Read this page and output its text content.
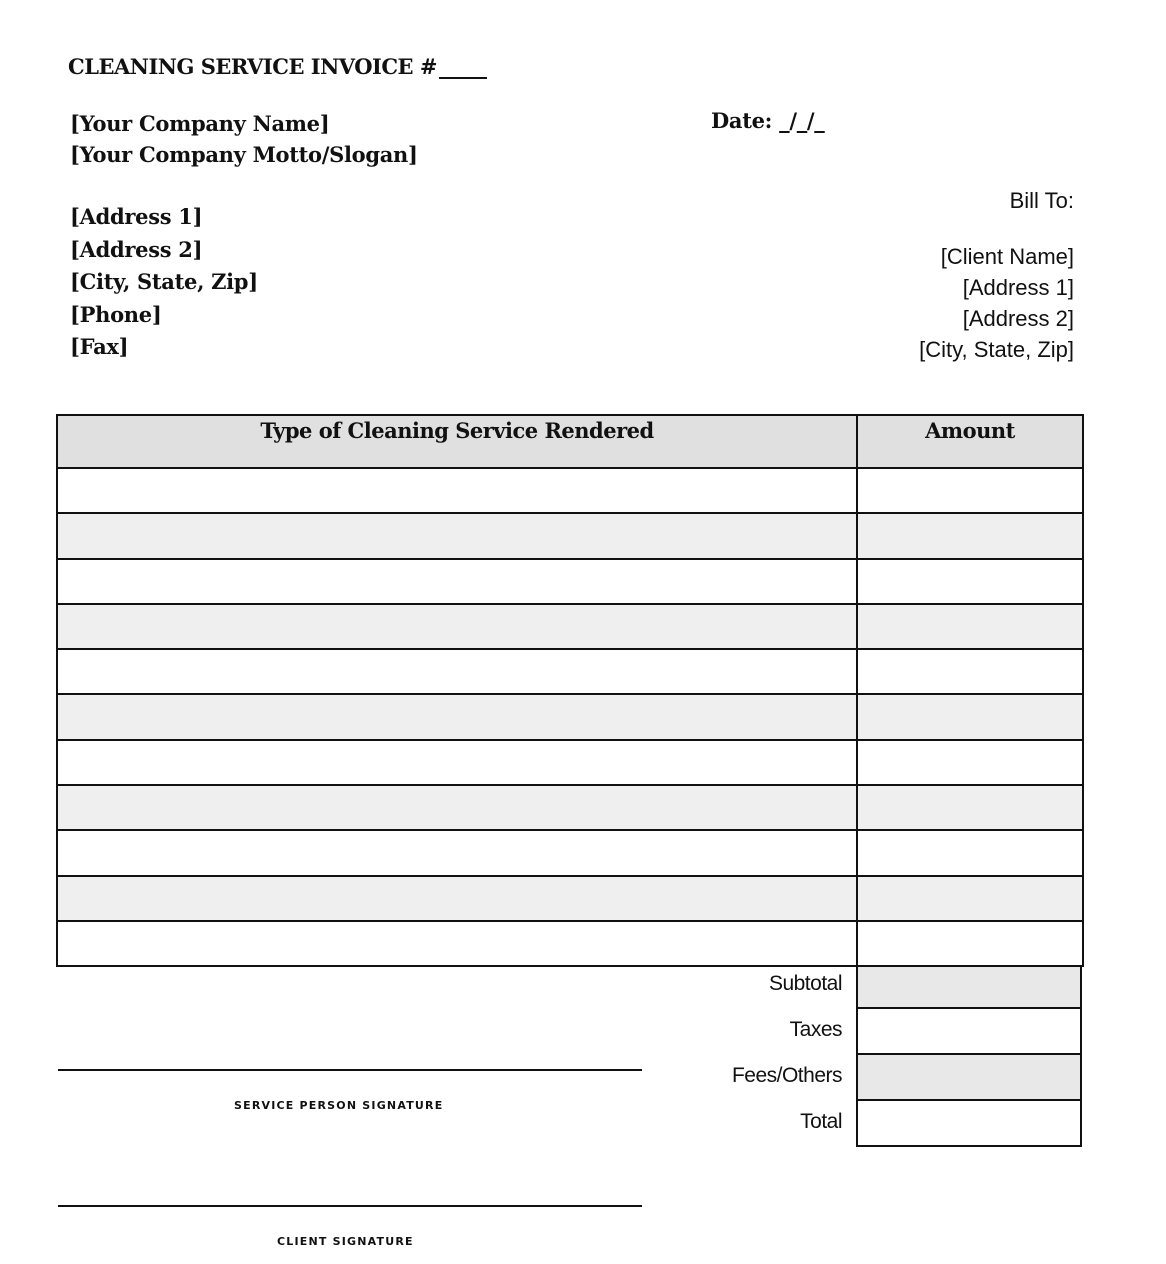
CLEANING SERVICE INVOICE #
[Your Company Name]
[Your Company Motto/Slogan]
[Address 1]
[Address 2]
[City, State, Zip]
[Phone]
[Fax]
Date: _/_/_
Bill To:
[Client Name]
[Address 1]
[Address 2]
[City, State, Zip]
Type of Cleaning Service Rendered	Amount

Subtotal
Taxes
Fees/Others
Total
SERVICE PERSON SIGNATURE
CLIENT SIGNATURE
